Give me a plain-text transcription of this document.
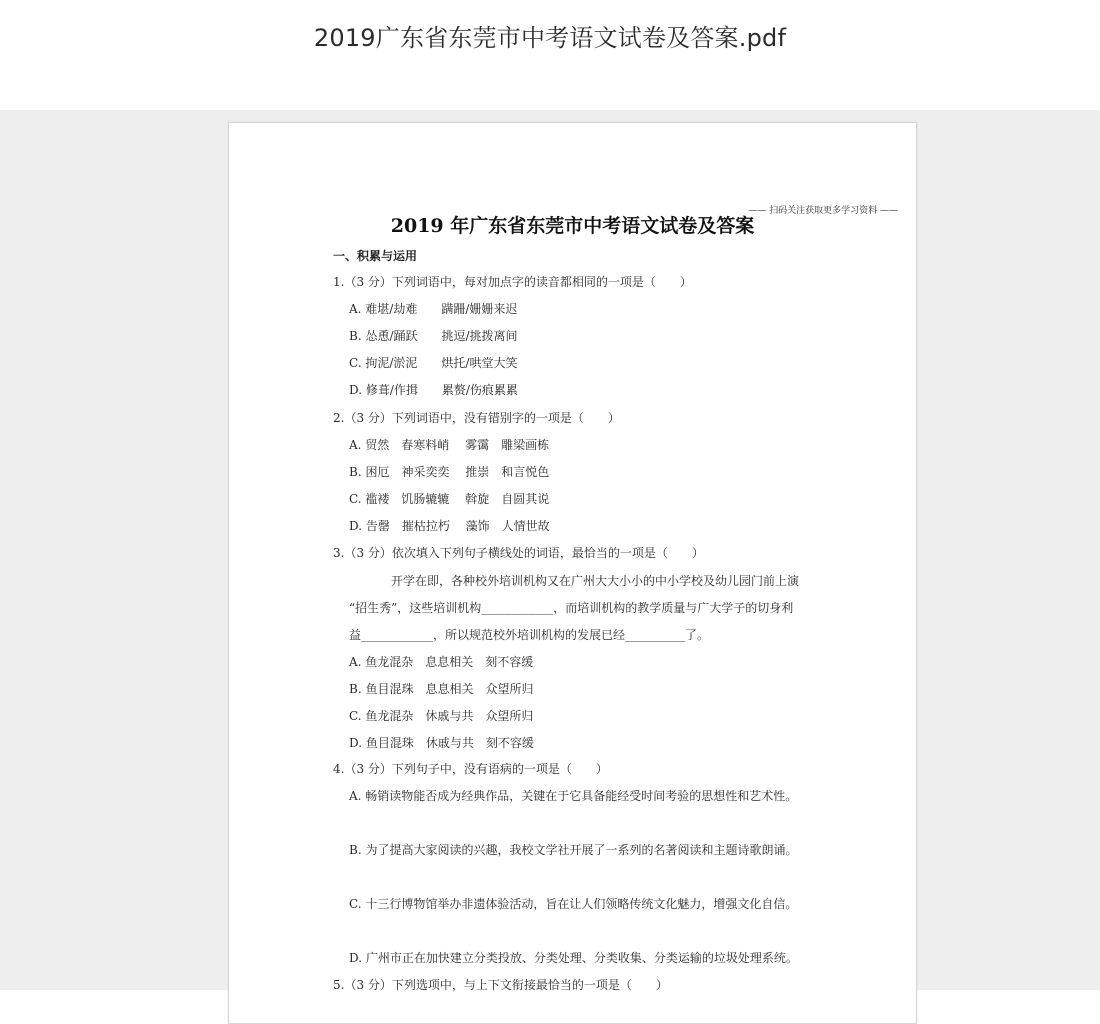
2019广东省东莞市中考语文试卷及答案.pdf
—— 扫码关注获取更多学习资料 ——
2019 年广东省东莞市中考语文试卷及答案
一、积累与运用
1.（3 分）下列词语中，每对加点字的读音都相同的一项是（　　）
A. 难堪/劫难　　蹒跚/姗姗来迟
B. 怂恿/踊跃　　挑逗/挑拨离间
C. 拘泥/淤泥　　烘托/哄堂大笑
D. 修葺/作揖　　累赘/伤痕累累
2.（3 分）下列词语中，没有错别字的一项是（　　）
A. 贸然　春寒料峭　 雾霭　雕梁画栋
B. 困厄　神采奕奕　 推崇　和言悦色
C. 褴褛　饥肠辘辘　 斡旋　自圆其说
D. 告罄　摧枯拉朽　 藻饰　人情世故
3.（3 分）依次填入下列句子横线处的词语，最恰当的一项是（　　）
开学在即，各种校外培训机构又在广州大大小小的中小学校及幼儿园门前上演
“招生秀”，这些培训机构____________，而培训机构的教学质量与广大学子的切身利
益____________，所以规范校外培训机构的发展已经__________了。
A. 鱼龙混杂　息息相关　刻不容缓
B. 鱼目混珠　息息相关　众望所归
C. 鱼龙混杂　休戚与共　众望所归
D. 鱼目混珠　休戚与共　刻不容缓
4.（3 分）下列句子中，没有语病的一项是（　　）
A. 畅销读物能否成为经典作品，关键在于它具备能经受时间考验的思想性和艺术性。
B. 为了提高大家阅读的兴趣，我校文学社开展了一系列的名著阅读和主题诗歌朗诵。
C. 十三行博物馆举办非遗体验活动，旨在让人们领略传统文化魅力，增强文化自信。
D. 广州市正在加快建立分类投放、分类处理、分类收集、分类运输的垃圾处理系统。
5.（3 分）下列选项中，与上下文衔接最恰当的一项是（　　）
